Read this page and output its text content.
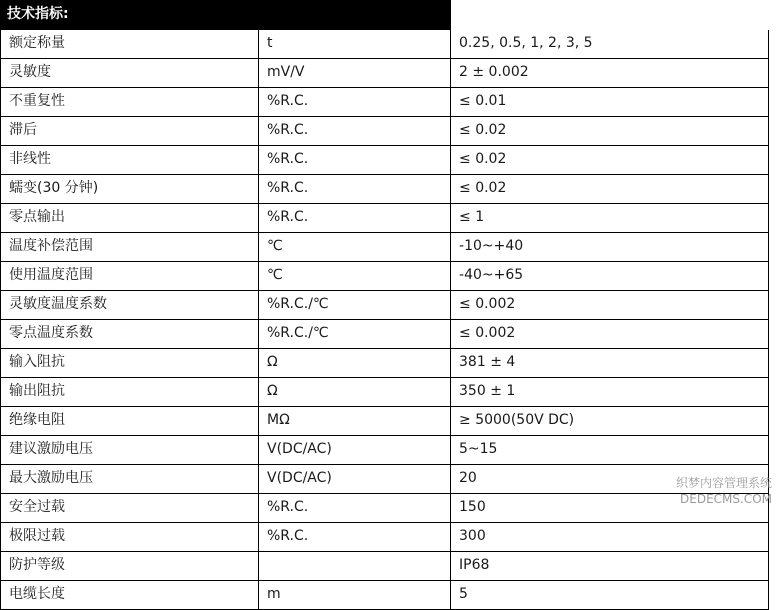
技术指标:		
额定称量	t	0.25, 0.5, 1, 2, 3, 5
灵敏度	mV/V	2 ± 0.002
不重复性	%R.C.	≤ 0.01
滞后	%R.C.	≤ 0.02
非线性	%R.C.	≤ 0.02
蠕变(30 分钟)	%R.C.	≤ 0.02
零点输出	%R.C.	≤ 1
温度补偿范围	℃	-10~+40
使用温度范围	℃	-40~+65
灵敏度温度系数	%R.C./℃	≤ 0.002
零点温度系数	%R.C./℃	≤ 0.002
输入阻抗	Ω	381 ± 4
输出阻抗	Ω	350 ± 1
绝缘电阻	MΩ	≥ 5000(50V DC)
建议激励电压	V(DC/AC)	5~15
最大激励电压	V(DC/AC)	20
安全过载	%R.C.	150
极限过载	%R.C.	300
防护等级		IP68
电缆长度	m	5
织梦内容管理系统
DEDECMS.COM
